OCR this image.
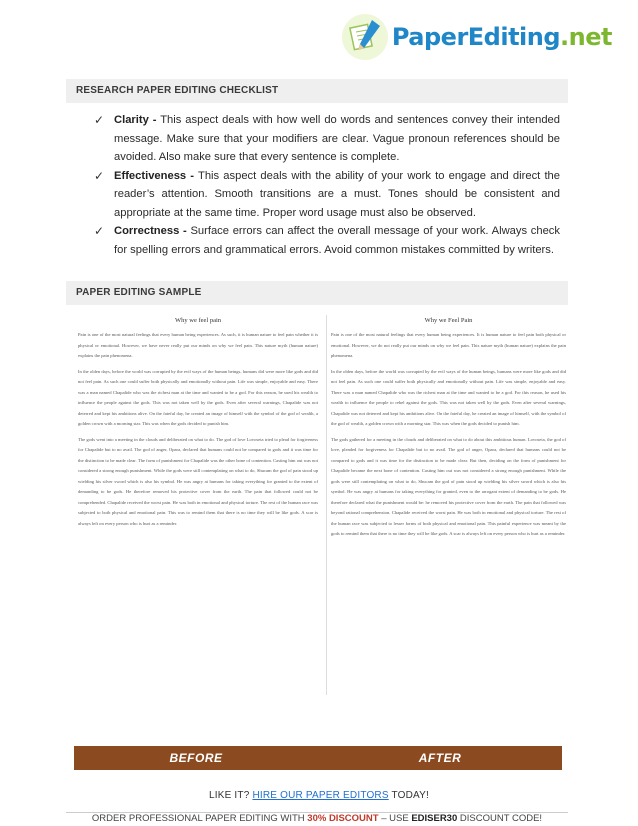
PaperEditing.net
RESEARCH PAPER EDITING CHECKLIST
✓ Clarity - This aspect deals with how well do words and sentences convey their intended message. Make sure that your modifiers are clear. Vague pronoun references should be avoided. Also make sure that every sentence is complete.
✓ Effectiveness - This aspect deals with the ability of your work to engage and direct the reader’s attention. Smooth transitions are a must. Tones should be consistent and appropriate at the same time. Proper word usage must also be observed.
✓ Correctness - Surface errors can affect the overall message of your work. Always check for spelling errors and grammatical errors. Avoid common mistakes committed by writers.
PAPER EDITING SAMPLE
Why we feel pain

Pain is one of the most natural feelings that every human being experiences. As such, it is human nature to feel pain whether it is physical or emotional. However, we have never really put our minds on why we feel pain. This nature myth (human nature) explains the pain phenomena.

In the olden days, before the world was corrupted by the evil ways of the human beings, humans did were more like gods and did not feel pain. As such one could suffer both physically and emotionally without pain. Life was simple, enjoyable and easy. There was a man named Chapalide who was the richest man at the time and wanted to be a god. For this reason, he used his wealth to influence the people against the gods. This was not taken well by the gods. Even after several warnings, Chapalide was not deterred and kept his ambitions alive. On the fateful day, he created an image of himself with the symbol of the god of wealth, a golden crown with a morning star. This was when the gods decided to punish him.

The gods went into a meeting in the clouds and deliberated on what to do. The god of love Lovoseta tried to plead for forgiveness for Chapalide but to no avail. The god of anger, Opara, declared that humans could not be compared to gods and it was time for the distinction to be made clear. The form of punishment for Chapalide was the other bone of contention. Casting him out was not considered a strong enough punishment. While the gods were still contemplating on what to do, Shucam the god of pain stood up wielding his silver sword which is also his symbol. He was angry at humans for taking everything for granted to the extent of demanding to be gods. He therefore removed his protective cover from the earth. The pain that followed could not be comprehended. Chapalide received the worst pain. He was both in emotional and physical torture. The rest of the human race was subjected to both physical and emotional pain. This was to remind them that there is no time they will be like gods. A scar is always left on every person who is hurt as a reminder.

Why we Feel Pain

Pain is one of the most natural feelings that every human being experiences. It is human nature to feel pain both physical or emotional. However, we do not really put our minds on why we feel pain. This nature myth (human nature) explains the pain phenomena.

In the olden days, before the world was corrupted by the evil ways of the human beings, humans were more like gods and did not feel pain. As such one could suffer both physically and emotionally without pain. Life was simple, enjoyable and easy. There was a man named Chapalide who was the richest man at the time and wanted to be a god. For this reason, he used his wealth to influence the people to rebel against the gods. This was not taken well by the gods. Even after several warnings, Chapalide was not deterred and kept his ambitions alive. On the fateful day, he created an image of himself, with the symbol of the god of wealth, a golden crown with a morning star. This was when the gods decided to punish him.

The gods gathered for a meeting in the clouds and deliberated on what to do about this ambitious human. Lovoseta, the god of love, pleaded for forgiveness for Chapalide but to no avail. The god of anger, Opara, declared that humans could not be compared to gods and it was time for the distinction to be made clear. But then, deciding on the form of punishment for Chapalide became the next bone of contention. Casting him out was not considered a strong enough punishment. While the gods were still contemplating on what to do, Shucam the god of pain stood up wielding his silver sword which is also his symbol. He was angry at humans for taking everything for granted, even to the arrogant extent of demanding to be gods. He therefore declared what the punishment would be: he removed his protective cover from the earth. The pain that followed was beyond rational comprehension. Chapalide received the worst pain. He was both in emotional and physical torture. The rest of the human race was subjected to lesser forms of both physical and emotional pain. This painful experience was meant by the gods to remind them that there is no time they will be like gods. A scar is always left on every person who is hurt as a reminder.

BEFORE	AFTER
LIKE IT? HIRE OUR PAPER EDITORS TODAY!
ORDER PROFESSIONAL PAPER EDITING WITH 30% DISCOUNT – USE EDISER30 DISCOUNT CODE!
